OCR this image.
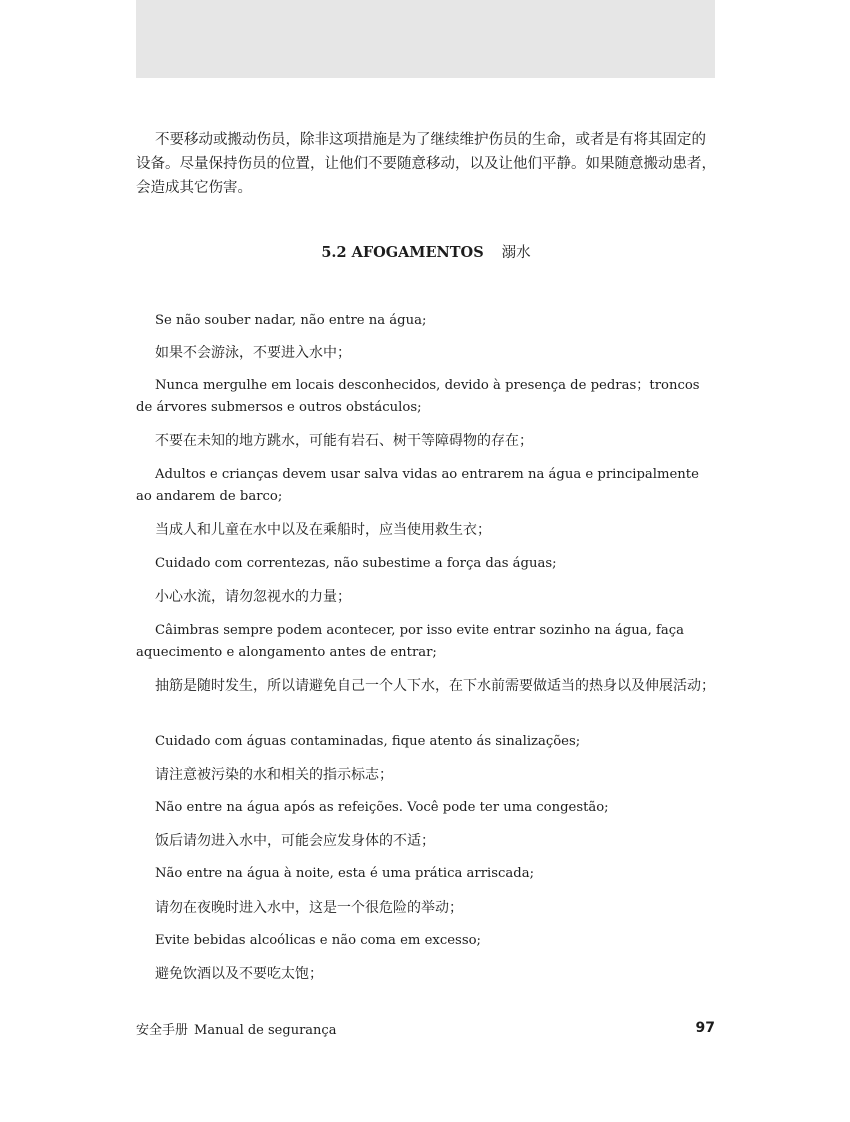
不要移动或搬动伤员，除非这项措施是为了继续维护伤员的生命，或者是有将其固定的设备。尽量保持伤员的位置，让他们不要随意移动，以及让他们平静。如果随意搬动患者，会造成其它伤害。
5.2 AFOGAMENTOS 溺水
Se não souber nadar, não entre na água;
如果不会游泳，不要进入水中；
Nunca mergulhe em locais desconhecidos, devido à presença de pedras；troncos de árvores submersos e outros obstáculos;
不要在未知的地方跳水，可能有岩石、树干等障碍物的存在；
Adultos e crianças devem usar salva vidas ao entrarem na água e principalmente ao andarem de barco;
当成人和儿童在水中以及在乘船时，应当使用救生衣；
Cuidado com correntezas, não subestime a força das águas;
小心水流，请勿忽视水的力量；
Câimbras sempre podem acontecer, por isso evite entrar sozinho na água, faça aquecimento e alongamento antes de entrar;
抽筋是随时发生，所以请避免自己一个人下水，在下水前需要做适当的热身以及伸展活动；
Cuidado com águas contaminadas, fique atento ás sinalizações;
请注意被污染的水和相关的指示标志；
Não entre na água após as refeições. Você pode ter uma congestão;
饭后请勿进入水中，可能会应发身体的不适；
Não entre na água à noite, esta é uma prática arriscada;
请勿在夜晚时进入水中，这是一个很危险的举动；
Evite bebidas alcoólicas e não coma em excesso;
避免饮酒以及不要吃太饱；
安全手册 Manual de segurança	97
